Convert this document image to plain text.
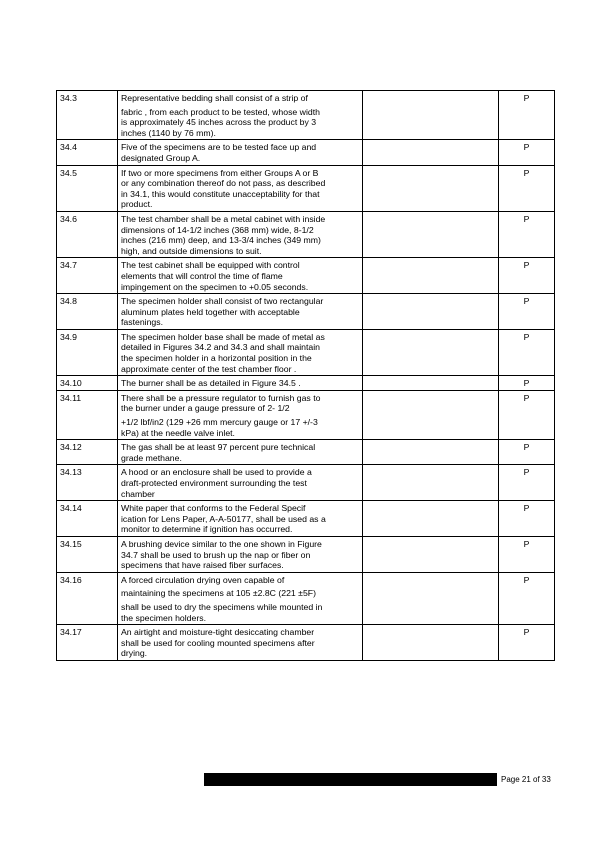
34.3	Representative bedding shall consist of a strip of
fabric , from each product to be tested, whose width
is approximately 45 inches across the product by 3
inches (1140 by 76 mm).		P
34.4	Five of the specimens are to be tested face up and
designated Group A.		P
34.5	If two or more specimens from either Groups A or B
or any combination thereof do not pass, as described
in 34.1, this would constitute unacceptability for that
product.		P
34.6	The test chamber shall be a metal cabinet with inside
dimensions of 14-1/2 inches (368 mm) wide, 8-1/2
inches (216 mm) deep, and 13-3/4 inches (349 mm)
high, and outside dimensions to suit.		P
34.7	The test cabinet shall be equipped with control
elements that will control the time of flame
impingement on the specimen to +0.05 seconds.		P
34.8	The specimen holder shall consist of two rectangular
aluminum plates held together with acceptable
fastenings.		P
34.9	The specimen holder base shall be made of metal as
detailed in Figures 34.2 and 34.3 and shall maintain
the specimen holder in a horizontal position in the
approximate center of the test chamber floor .		P
34.10	The burner shall be as detailed in Figure 34.5 .		P
34.11	There shall be a pressure regulator to furnish gas to
the burner under a gauge pressure of 2- 1/2
+1/2 lbf/in2 (129 +26 mm mercury gauge or 17 +/-3
kPa) at the needle valve inlet.		P
34.12	The gas shall be at least 97 percent pure technical
grade methane.		P
34.13	A hood or an enclosure shall be used to provide a
draft-protected environment surrounding the test
chamber		P
34.14	White paper that conforms to the Federal Specif
ication for Lens Paper, A-A-50177, shall be used as a
monitor to determine if ignition has occurred.		P
34.15	A brushing device similar to the one shown in Figure
34.7 shall be used to brush up the nap or fiber on
specimens that have raised fiber surfaces.		P
34.16	A forced circulation drying oven capable of
maintaining the specimens at 105 ±2.8C (221 ±5F)
shall be used to dry the specimens while mounted in
the specimen holders.		P
34.17	An airtight and moisture-tight desiccating chamber
shall be used for cooling mounted specimens after
drying.		P
Page 21 of 33
